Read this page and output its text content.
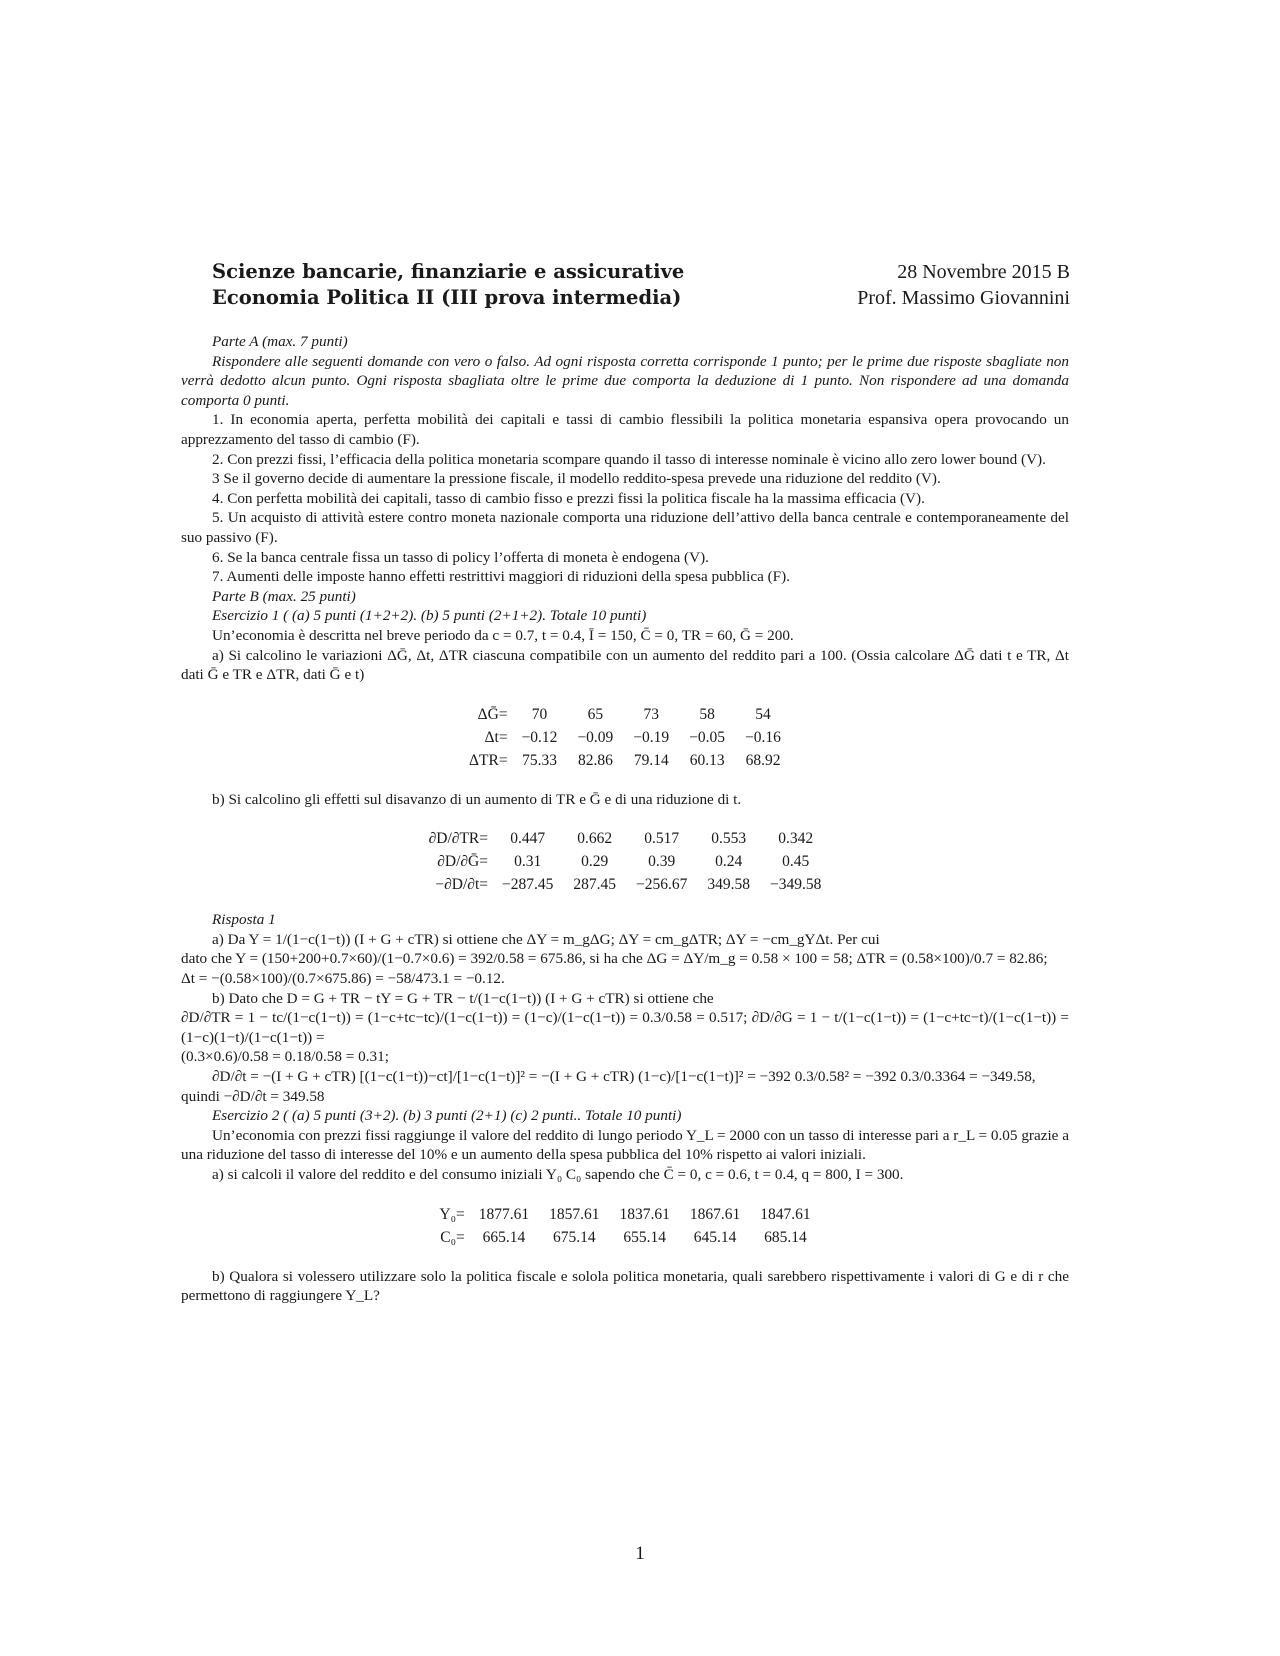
Scienze bancarie, finanziarie e assicurative	28 Novembre 2015 B
Economia Politica II (III prova intermedia)	Prof. Massimo Giovannini

Parte A (max. 7 punti)

Rispondere alle seguenti domande con vero o falso. Ad ogni risposta corretta corrisponde 1 punto; per le prime due risposte sbagliate non verrà dedotto alcun punto. Ogni risposta sbagliata oltre le prime due comporta la deduzione di 1 punto. Non rispondere ad una domanda comporta 0 punti.

1. In economia aperta, perfetta mobilità dei capitali e tassi di cambio flessibili la politica monetaria espansiva opera provocando un apprezzamento del tasso di cambio (F).

2. Con prezzi fissi, l’efficacia della politica monetaria scompare quando il tasso di interesse nominale è vicino allo zero lower bound (V).

3 Se il governo decide di aumentare la pressione fiscale, il modello reddito-spesa prevede una riduzione del reddito (V).

4. Con perfetta mobilità dei capitali, tasso di cambio fisso e prezzi fissi la politica fiscale ha la massima efficacia (V).

5. Un acquisto di attività estere contro moneta nazionale comporta una riduzione dell’attivo della banca centrale e contemporaneamente del suo passivo (F).

6. Se la banca centrale fissa un tasso di policy l’offerta di moneta è endogena (V).

7. Aumenti delle imposte hanno effetti restrittivi maggiori di riduzioni della spesa pubblica (F).

Parte B (max. 25 punti)

Esercizio 1 ( (a) 5 punti (1+2+2). (b) 5 punti (2+1+2). Totale 10 punti)

Un’economia è descritta nel breve periodo da c = 0.7, t = 0.4, Ī = 150, C̄ = 0, TR = 60, Ḡ = 200.

a) Si calcolino le variazioni ΔḠ, Δt, ΔTR ciascuna compatibile con un aumento del reddito pari a 100. (Ossia calcolare ΔḠ dati t e TR, Δt dati Ḡ e TR e ΔTR, dati Ḡ e t)

ΔḠ=	70	65	73	58	54
Δt=	−0.12	−0.09	−0.19	−0.05	−0.16
ΔTR=	75.33	82.86	79.14	60.13	68.92

b) Si calcolino gli effetti sul disavanzo di un aumento di TR e Ḡ e di una riduzione di t.

∂D/∂TR=	0.447	0.662	0.517	0.553	0.342
∂D/∂Ḡ=	0.31	0.29	0.39	0.24	0.45
−∂D/∂t=	−287.45	287.45	−256.67	349.58	−349.58

Risposta 1

a) Da Y = 1/(1−c(1−t)) (I + G + cTR) si ottiene che ΔY = m_gΔG; ΔY = cm_gΔTR; ΔY = −cm_gYΔt. Per cui

dato che Y = (150+200+0.7×60)/(1−0.7×0.6) = 392/0.58 = 675.86, si ha che ΔG = ΔY/m_g = 0.58 × 100 = 58; ΔTR = (0.58×100)/0.7 = 82.86;

Δt = −(0.58×100)/(0.7×675.86) = −58/473.1 = −0.12.

b) Dato che D = G + TR − tY = G + TR − t/(1−c(1−t)) (I + G + cTR) si ottiene che

∂D/∂TR = 1 − tc/(1−c(1−t)) = (1−c+tc−tc)/(1−c(1−t)) = (1−c)/(1−c(1−t)) = 0.3/0.58 = 0.517; ∂D/∂G = 1 − t/(1−c(1−t)) = (1−c+tc−t)/(1−c(1−t)) = (1−c)(1−t)/(1−c(1−t)) =

(0.3×0.6)/0.58 = 0.18/0.58 = 0.31;

∂D/∂t = −(I + G + cTR) [(1−c(1−t))−ct]/[1−c(1−t)]² = −(I + G + cTR) (1−c)/[1−c(1−t)]² = −392 0.3/0.58² = −392 0.3/0.3364 = −349.58,

quindi −∂D/∂t = 349.58

Esercizio 2 ( (a) 5 punti (3+2). (b) 3 punti (2+1) (c) 2 punti.. Totale 10 punti)

Un’economia con prezzi fissi raggiunge il valore del reddito di lungo periodo Y_L = 2000 con un tasso di interesse pari a r_L = 0.05 grazie a una riduzione del tasso di interesse del 10% e un aumento della spesa pubblica del 10% rispetto ai valori iniziali.

a) si calcoli il valore del reddito e del consumo iniziali Y₀ C₀ sapendo che C̄ = 0, c = 0.6, t = 0.4, q = 800, I = 300.

Y₀=	1877.61	1857.61	1837.61	1867.61	1847.61
C₀=	665.14	675.14	655.14	645.14	685.14

b) Qualora si volessero utilizzare solo la politica fiscale e solola politica monetaria, quali sarebbero rispettivamente i valori di G e di r che permettono di raggiungere Y_L?

1
